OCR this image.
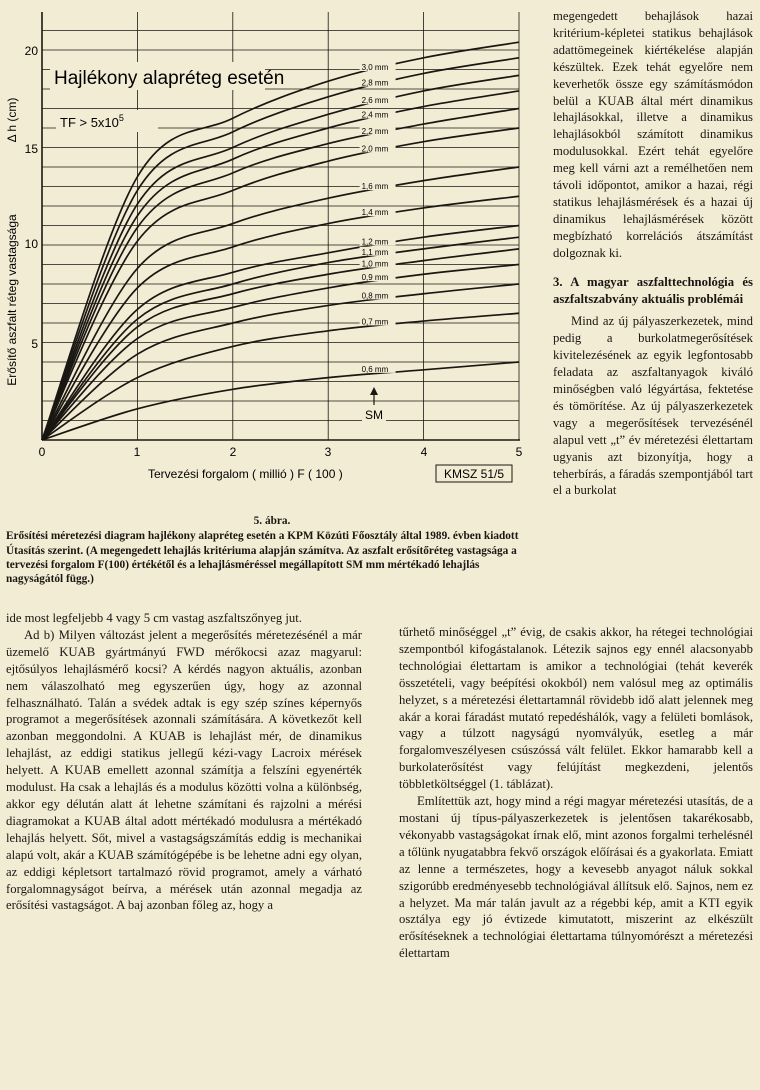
0,6 mm
0,7 mm
0,8 mm
0,9 mm
1,0 mm
1,1 mm
1,2 mm
1,4 mm
1,6 mm
2,0 mm
2,2 mm
2,4 mm
2,6 mm
2,8 mm
3,0 mm
Hajlékony alapréteg esetén
TF > $5x10^5$
Δ h (cm)
Erősítő aszfalt réteg vastagsága
Tervezési forgalom ( millió ) F ( 100 )	KMSZ 51/5
SM
5
10
15
20
0	1	2	3	4	5
5. ábra.

Erősítési méretezési diagram hajlékony alapréteg esetén a KPM Közúti Főosztály által 1989. évben kiadott Útasítás szerint. (A megengedett lehajlás kritériuma alapján számítva. Az aszfalt erősítőréteg vastagsága a tervezési forgalom F(100) értékétől és a lehajlásméréssel megállapított SM mm mértékadó lehajlás nagyságától függ.)

megengedett behajlások hazai kritérium-képletei statikus behajlások adattömegeinek kiértékelése alapján készültek. Ezek tehát egyelőre nem keverhetők össze egy számításmódon belül a KUAB által mért dinamikus lehajlásokkal, illetve a dinamikus lehajlásokból számított dinamikus modulusokkal. Ezért tehát egyelőre meg kell várni azt a remélhetően nem távoli időpontot, amikor a hazai, régi statikus lehajlásmérések és a hazai új dinamikus lehajlásmérések között megbízható korrelációs átszámítást dolgoznak ki.

3. A magyar aszfalttechnológia és aszfaltszabvány aktuális problémái

Mind az új pályaszerkezetek, mind pedig a burkolatmegerősítések kivitelezésének az egyik legfontosabb feladata az aszfaltanyagok kiváló minőségben való légyártása, fektetése és tömörítése. Az új pályaszerkezetek vagy a megerősítések tervezésénél alapul vett „t” év méretezési élettartam ugyanis azt bizonyítja, hogy a teherbírás, a fáradás szempontjából tart el a burkolat

tűrhető minőséggel „t” évig, de csakis akkor, ha rétegei technológiai szempontból kifogástalanok. Létezik sajnos egy ennél alacsonyabb technológiai élettartam is amikor a technológiai (tehát keverék összetételi, vagy beépítési okokból) nem valósul meg az optimális helyzet, s a méretezési élettartamnál rövidebb idő alatt jelennek meg akár a korai fáradást mutató repedéshálók, vagy a felületi bomlások, vagy a túlzott nagyságú nyomvályúk, esetleg a már forgalomveszélyesen csúszóssá vált felület. Ekkor hamarabb kell a burkolaterősítést vagy felújítást megkezdeni, jelentős többletköltséggel (1. táblázat).

Említettük azt, hogy mind a régi magyar méretezési utasítás, de a mostani új típus-pályaszerkezetek is jelentősen takarékosabb, vékonyabb vastagságokat írnak elő, mint azonos forgalmi terhelésnél a tőlünk nyugatabbra fekvő országok előírásai és a gyakorlata. Emiatt az lenne a természetes, hogy a kevesebb anyagot náluk sokkal szigorúbb eredményesebb technológiával állítsuk elő. Sajnos, nem ez a helyzet. Ma már talán javult az a régebbi kép, amit a KTI egyik osztálya egy jó évtizede kimutatott, miszerint az elkészült erősítéseknek a technológiai élettartama túlnyomórészt a méretezési élettartam

ide most legfeljebb 4 vagy 5 cm vastag aszfaltszőnyeg jut.

Ad b) Milyen változást jelent a megerősítés méretezésénél a már üzemelő KUAB gyártmányú FWD mérőkocsi azaz magyarul: ejtősúlyos lehajlásmérő kocsi? A kérdés nagyon aktuális, azonban nem válaszolható meg egyszerűen úgy, hogy az azonnal felhasználható. Talán a svédek adtak is egy szép színes képernyős programot a megerősítések azonnali számítására. A következőt kell azonban meggondolni. A KUAB is lehajlást mér, de dinamikus lehajlást, az eddigi statikus jellegű kézi-vagy Lacroix mérések helyett. A KUAB emellett azonnal számítja a felszíni egyenérték modulust. Ha csak a lehajlás és a modulus közötti volna a különbség, akkor egy délután alatt át lehetne számítani és rajzolni a mérési diagramokat a KUAB által adott mértékadó modulusra a mértékadó lehajlás helyett. Sőt, mivel a vastagságszámítás eddig is mechanikai alapú volt, akár a KUAB számítógépébe is be lehetne adni egy olyan, az eddigi képletsort tartalmazó rövid programot, amely a várható forgalomnagyságot beírva, a mérések után azonnal megadja az erősítési vastagságot. A baj azonban főleg az, hogy a
